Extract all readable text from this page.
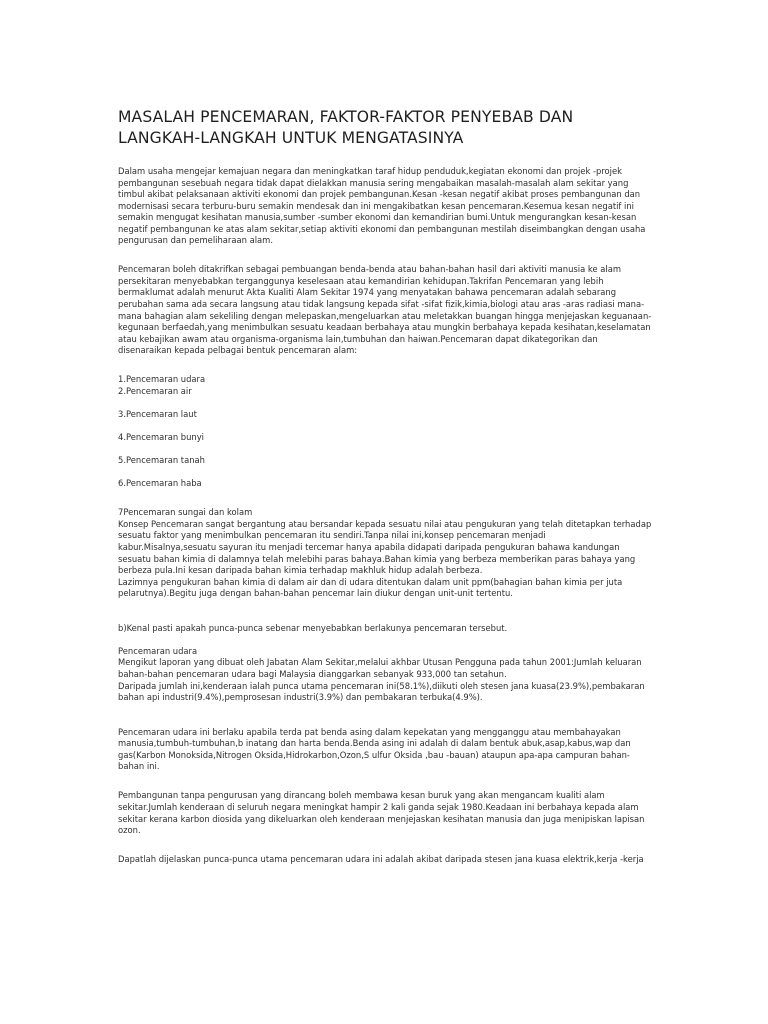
MASALAH PENCEMARAN, FAKTOR-FAKTOR PENYEBAB DAN
LANGKAH-LANGKAH UNTUK MENGATASINYA
Dalam usaha mengejar kemajuan negara dan meningkatkan taraf hidup penduduk,kegiatan ekonomi dan projek -projek
pembangunan sesebuah negara tidak dapat dielakkan manusia sering mengabaikan masalah-masalah alam sekitar yang
timbul akibat pelaksanaan aktiviti ekonomi dan projek pembangunan.Kesan -kesan negatif akibat proses pembangunan dan
modernisasi secara terburu-buru semakin mendesak dan ini mengakibatkan kesan pencemaran.Kesemua kesan negatif ini
semakin mengugat kesihatan manusia,sumber -sumber ekonomi dan kemandirian bumi.Untuk mengurangkan kesan-kesan
negatif pembangunan ke atas alam sekitar,setiap aktiviti ekonomi dan pembangunan mestilah diseimbangkan dengan usaha
pengurusan dan pemeliharaan alam.
Pencemaran boleh ditakrifkan sebagai pembuangan benda-benda atau bahan-bahan hasil dari aktiviti manusia ke alam
persekitaran menyebabkan terganggunya keselesaan atau kemandirian kehidupan.Takrifan Pencemaran yang lebih
bermaklumat adalah menurut Akta Kualiti Alam Sekitar 1974 yang menyatakan bahawa pencemaran adalah sebarang
perubahan sama ada secara langsung atau tidak langsung kepada sifat -sifat fizik,kimia,biologi atau aras -aras radiasi mana-
mana bahagian alam sekeliling dengan melepaskan,mengeluarkan atau meletakkan buangan hingga menjejaskan keguanaan-
kegunaan berfaedah,yang menimbulkan sesuatu keadaan berbahaya atau mungkin berbahaya kepada kesihatan,keselamatan
atau kebajikan awam atau organisma-organisma lain,tumbuhan dan haiwan.Pencemaran dapat dikategorikan dan
disenaraikan kepada pelbagai bentuk pencemaran alam:
1.Pencemaran udara
2.Pencemaran air
3.Pencemaran laut
4.Pencemaran bunyi
5.Pencemaran tanah
6.Pencemaran haba
7Pencemaran sungai dan kolam
Konsep Pencemaran sangat bergantung atau bersandar kepada sesuatu nilai atau pengukuran yang telah ditetapkan terhadap
sesuatu faktor yang menimbulkan pencemaran itu sendiri.Tanpa nilai ini,konsep pencemaran menjadi
kabur.Misalnya,sesuatu sayuran itu menjadi tercemar hanya apabila didapati daripada pengukuran bahawa kandungan
sesuatu bahan kimia di dalamnya telah melebihi paras bahaya.Bahan kimia yang berbeza memberikan paras bahaya yang
berbeza pula.Ini kesan daripada bahan kimia terhadap makhluk hidup adalah berbeza.
Lazimnya pengukuran bahan kimia di dalam air dan di udara ditentukan dalam unit ppm(bahagian bahan kimia per juta
pelarutnya).Begitu juga dengan bahan-bahan pencemar lain diukur dengan unit-unit tertentu.
b)Kenal pasti apakah punca-punca sebenar menyebabkan berlakunya pencemaran tersebut.
Pencemaran udara
Mengikut laporan yang dibuat oleh Jabatan Alam Sekitar,melalui akhbar Utusan Pengguna pada tahun 2001:Jumlah keluaran
bahan-bahan pencemaran udara bagi Malaysia dianggarkan sebanyak 933,000 tan setahun.
Daripada jumlah ini,kenderaan ialah punca utama pencemaran ini(58.1%),diikuti oleh stesen jana kuasa(23.9%),pembakaran
bahan api industri(9.4%),pemprosesan industri(3.9%) dan pembakaran terbuka(4.9%).
Pencemaran udara ini berlaku apabila terda pat benda asing dalam kepekatan yang mengganggu atau membahayakan
manusia,tumbuh-tumbuhan,b inatang dan harta benda.Benda asing ini adalah di dalam bentuk abuk,asap,kabus,wap dan
gas(Karbon Monoksida,Nitrogen Oksida,Hidrokarbon,Ozon,S ulfur Oksida ,bau -bauan) ataupun apa-apa campuran bahan-
bahan ini.
Pembangunan tanpa pengurusan yang dirancang boleh membawa kesan buruk yang akan mengancam kualiti alam
sekitar.Jumlah kenderaan di seluruh negara meningkat hampir 2 kali ganda sejak 1980.Keadaan ini berbahaya kepada alam
sekitar kerana karbon diosida yang dikeluarkan oleh kenderaan menjejaskan kesihatan manusia dan juga menipiskan lapisan
ozon.
Dapatlah dijelaskan punca-punca utama pencemaran udara ini adalah akibat daripada stesen jana kuasa elektrik,kerja -kerja
